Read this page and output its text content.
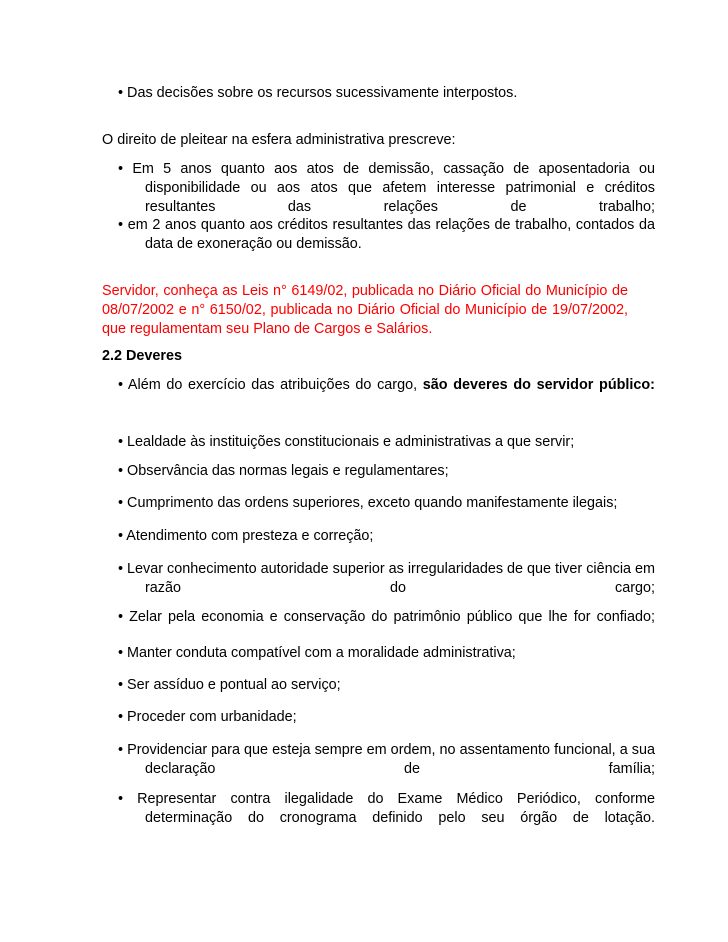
• Das decisões sobre os recursos sucessivamente interpostos.
O direito de pleitear na esfera administrativa prescreve:
• Em 5 anos quanto aos atos de demissão, cassação de aposentadoria ou disponibilidade ou aos atos que afetem interesse patrimonial e créditos resultantes das relações de trabalho;
• em 2 anos quanto aos créditos resultantes das relações de trabalho, contados da data de exoneração ou demissão.
Servidor, conheça as Leis n° 6149/02, publicada no Diário Oficial do Município de
08/07/2002 e n° 6150/02, publicada no Diário Oficial do Município de 19/07/2002,
que regulamentam seu Plano de Cargos e Salários.
2.2 Deveres
• Além do exercício das atribuições do cargo, são deveres do servidor público:
• Lealdade às instituições constitucionais e administrativas a que servir;
• Observância das normas legais e regulamentares;
• Cumprimento das ordens superiores, exceto quando manifestamente ilegais;
• Atendimento com presteza e correção;
• Levar conhecimento autoridade superior as irregularidades de que tiver ciência em razão do cargo;
• Zelar pela economia e conservação do patrimônio público que lhe for confiado;
• Manter conduta compatível com a moralidade administrativa;
• Ser assíduo e pontual ao serviço;
• Proceder com urbanidade;
• Providenciar para que esteja sempre em ordem, no assentamento funcional, a sua declaração de família;
• Representar contra ilegalidade do Exame Médico Periódico, conforme determinação do cronograma definido pelo seu órgão de lotação.
